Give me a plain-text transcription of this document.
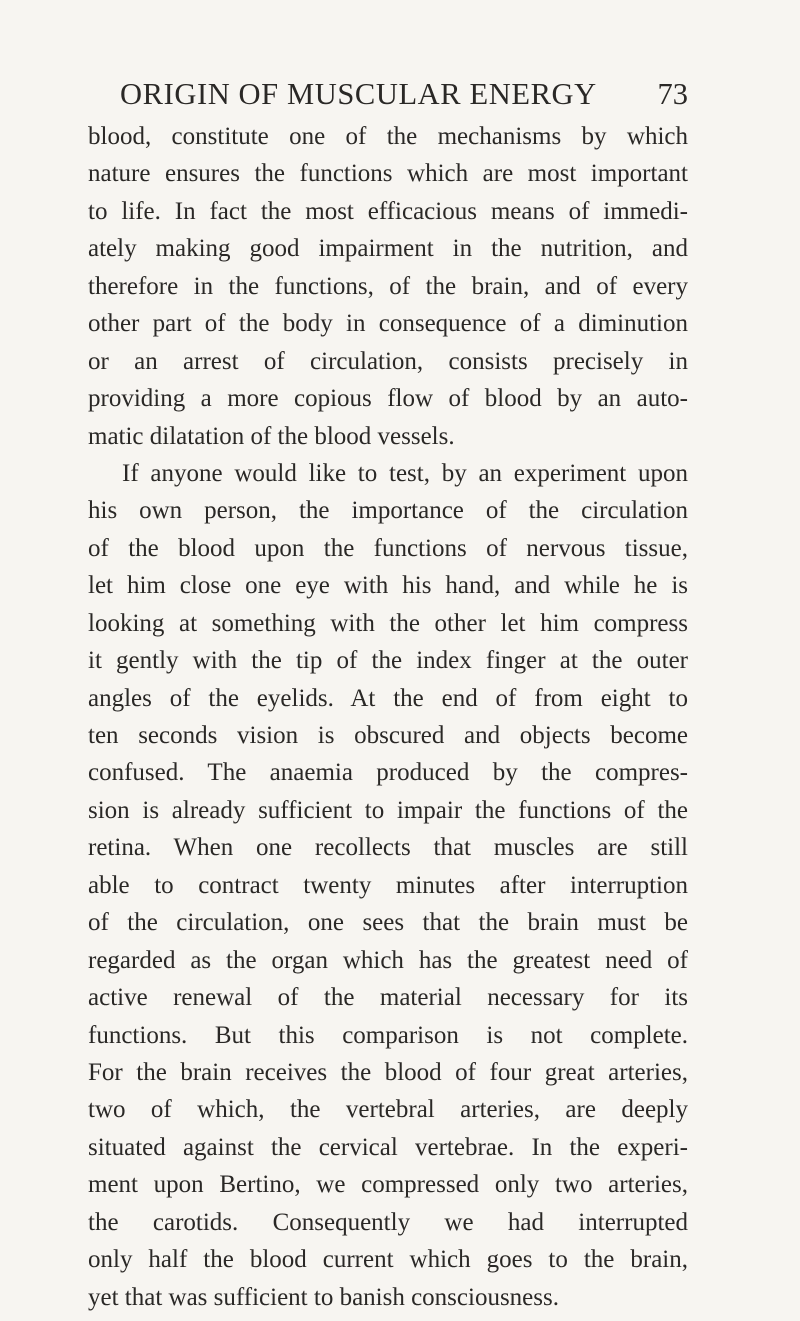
ORIGIN OF MUSCULAR ENERGY 73
blood, constitute one of the mechanisms by which
nature ensures the functions which are most important
to life. In fact the most efficacious means of immedi-
ately making good impairment in the nutrition, and
therefore in the functions, of the brain, and of every
other part of the body in consequence of a diminution
or an arrest of circulation, consists precisely in
providing a more copious flow of blood by an auto-
matic dilatation of the blood vessels.
If anyone would like to test, by an experiment upon
his own person, the importance of the circulation
of the blood upon the functions of nervous tissue,
let him close one eye with his hand, and while he is
looking at something with the other let him compress
it gently with the tip of the index finger at the outer
angles of the eyelids. At the end of from eight to
ten seconds vision is obscured and objects become
confused. The anaemia produced by the compres-
sion is already sufficient to impair the functions of the
retina. When one recollects that muscles are still
able to contract twenty minutes after interruption
of the circulation, one sees that the brain must be
regarded as the organ which has the greatest need of
active renewal of the material necessary for its
functions. But this comparison is not complete.
For the brain receives the blood of four great arteries,
two of which, the vertebral arteries, are deeply
situated against the cervical vertebrae. In the experi-
ment upon Bertino, we compressed only two arteries,
the carotids. Consequently we had interrupted
only half the blood current which goes to the brain,
yet that was sufficient to banish consciousness.
